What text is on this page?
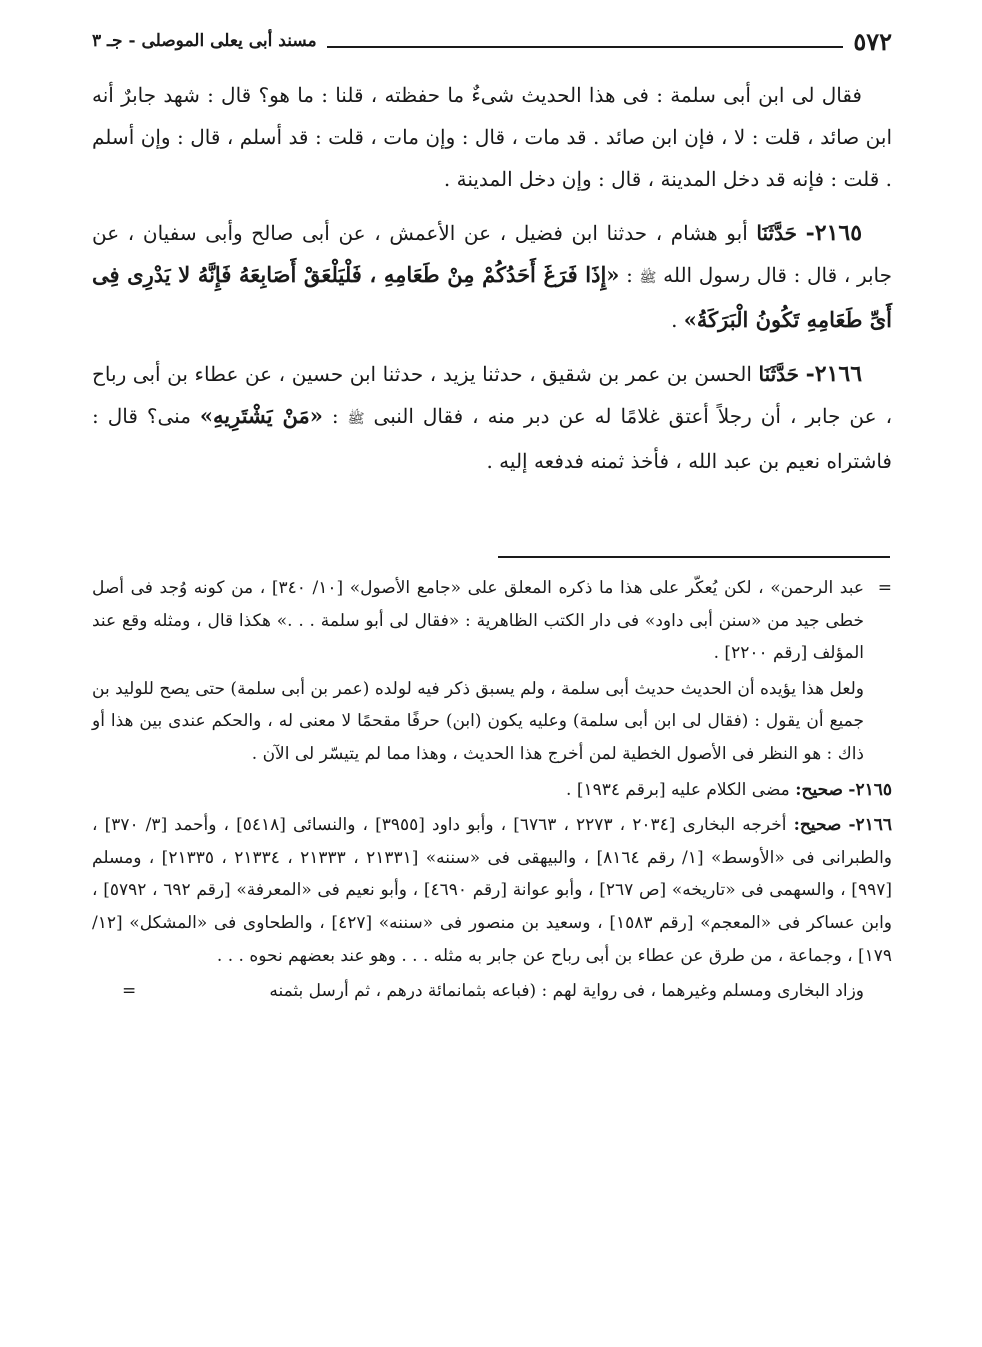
٥٧٢
مسند أبى يعلى الموصلى - جـ ٣

فقال لى ابن أبى سلمة : فى هذا الحديث شىءٌ ما حفظته ، قلنا : ما هو؟ قال : شهد جابرٌ أنه ابن صائد ، قلت : لا ، فإن ابن صائد . قد مات ، قال : وإن مات ، قلت : قد أسلم ، قال : وإن أسلم . قلت : فإنه قد دخل المدينة ، قال : وإن دخل المدينة .

٢١٦٥- حَدَّثَنَا أبو هشام ، حدثنا ابن فضيل ، عن الأعمش ، عن أبى صالح وأبى سفيان ، عن جابر ، قال : قال رسول الله ﷺ : «إِذَا فَرَغَ أَحَدُكُمْ مِنْ طَعَامِهِ ، فَلْيَلْعَقْ أَصَابِعَهُ فَإِنَّهُ لا يَدْرِى فِى أَىِّ طَعَامِهِ تَكُونُ الْبَرَكَةُ» .

٢١٦٦- حَدَّثَنَا الحسن بن عمر بن شقيق ، حدثنا يزيد ، حدثنا ابن حسين ، عن عطاء بن أبى رباح ، عن جابر ، أن رجلاً أعتق غلامًا له عن دبر منه ، فقال النبى ﷺ : «مَنْ يَشْتَرِيهِ» منى؟ قال : فاشتراه نعيم بن عبد الله ، فأخذ ثمنه فدفعه إليه .

=
عبد الرحمن» ، لكن يُعكّر على هذا ما ذكره المعلق على «جامع الأصول» [١٠/ ٣٤٠] ، من كونه وُجد فى أصل خطى جيد من «سنن أبى داود» فى دار الكتب الظاهرية : «فقال لى أبو سلمة . . .» هكذا قال ، ومثله وقع عند المؤلف [رقم ٢٢٠٠] .

ولعل هذا يؤيده أن الحديث حديث أبى سلمة ، ولم يسبق ذكر فيه لولده (عمر بن أبى سلمة) حتى يصح للوليد بن جميع أن يقول : (فقال لى ابن أبى سلمة) وعليه يكون (ابن) حرفًا مقحمًا لا معنى له ، والحكم عندى بين هذا أو ذاك : هو النظر فى الأصول الخطية لمن أخرج هذا الحديث ، وهذا مما لم يتيسّر لى الآن .

٢١٦٥- صحيح: مضى الكلام عليه [برقم ١٩٣٤] .

٢١٦٦- صحيح: أخرجه البخارى [٢٠٣٤ ، ٢٢٧٣ ، ٦٧٦٣] ، وأبو داود [٣٩٥٥] ، والنسائى [٥٤١٨] ، وأحمد [٣/ ٣٧٠] ، والطبرانى فى «الأوسط» [١/ رقم ٨١٦٤] ، والبيهقى فى «سننه» [٢١٣٣١ ، ٢١٣٣٣ ، ٢١٣٣٤ ، ٢١٣٣٥] ، ومسلم [٩٩٧] ، والسهمى فى «تاريخه» [ص ٢٦٧] ، وأبو عوانة [رقم ٤٦٩٠] ، وأبو نعيم فى «المعرفة» [رقم ٦٩٢ ، ٥٧٩٢] ، وابن عساكر فى «المعجم» [رقم ١٥٨٣] ، وسعيد بن منصور فى «سننه» [٤٢٧] ، والطحاوى فى «المشكل» [١٢/ ١٧٩] ، وجماعة ، من طرق عن عطاء بن أبى رباح عن جابر به مثله . . . وهو عند بعضهم نحوه . . .

وزاد البخارى ومسلم وغيرهما ، فى رواية لهم : (فباعه بثمانمائة درهم ، ثم أرسل بثمنه
=
